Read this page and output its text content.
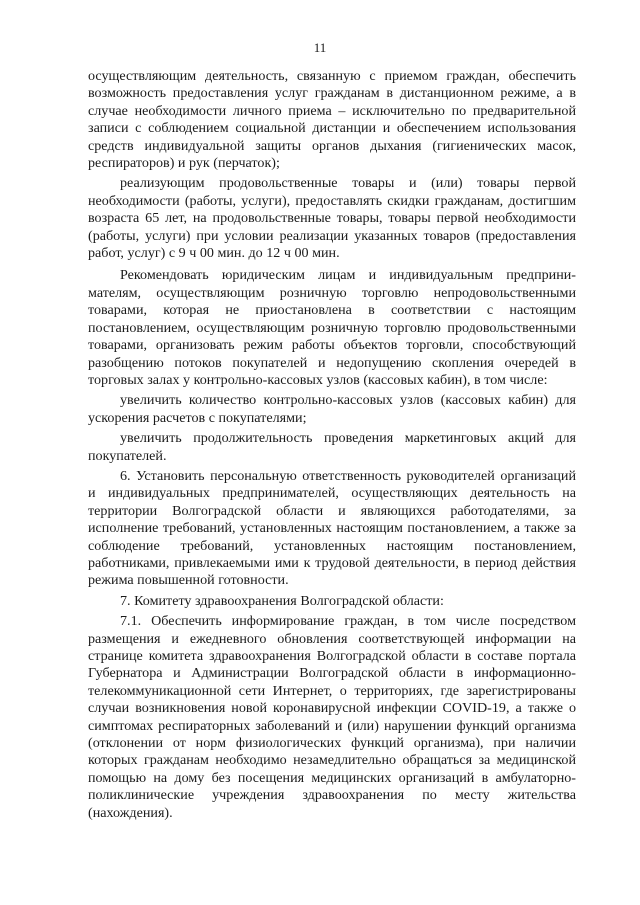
11

осуществляющим деятельность, связанную с приемом граждан, обеспечить возможность предоставления услуг гражданам в дистанционном режиме, а в случае необходимости личного приема – исключительно по предварительной записи с соблюдением социальной дистанции и обеспечением использования средств индивидуальной защиты органов дыхания (гигиенических масок, респираторов) и рук (перчаток);

реализующим продовольственные товары и (или) товары первой необходимости (работы, услуги), предоставлять скидки гражданам, достигшим возраста 65 лет, на продовольственные товары, товары первой необходимости (работы, услуги) при условии реализации указанных товаров (предоставления работ, услуг) с 9 ч 00 мин. до 12 ч 00 мин.

Рекомендовать юридическим лицам и индивидуальным предпринимателям, осуществляющим розничную торговлю непродовольственными товарами, которая не приостановлена в соответствии с настоящим постановлением, осуществляющим розничную торговлю продовольственными товарами, организовать режим работы объектов торговли, способствующий разобщению потоков покупателей и недопущению скопления очередей в торговых залах у контрольно-кассовых узлов (кассовых кабин), в том числе:

увеличить количество контрольно-кассовых узлов (кассовых кабин) для ускорения расчетов с покупателями;

увеличить продолжительность проведения маркетинговых акций для покупателей.

6. Установить персональную ответственность руководителей организаций и индивидуальных предпринимателей, осуществляющих деятельность на территории Волгоградской области и являющихся работодателями, за исполнение требований, установленных настоящим постановлением, а также за соблюдение требований, установленных настоящим постановлением, работниками, привлекаемыми ими к трудовой деятельности, в период действия режима повышенной готовности.

7. Комитету здравоохранения Волгоградской области:

7.1. Обеспечить информирование граждан, в том числе посредством размещения и ежедневного обновления соответствующей информации на странице комитета здравоохранения Волгоградской области в составе портала Губернатора и Администрации Волгоградской области в информационно-телекоммуникационной сети Интернет, о территориях, где зарегистрированы случаи возникновения новой коронавирусной инфекции COVID-19, а также о симптомах респираторных заболеваний и (или) нарушении функций организма (отклонении от норм физиологических функций организма), при наличии которых гражданам необходимо незамедлительно обращаться за медицинской помощью на дому без посещения медицинских организаций в амбулаторно-поликлинические учреждения здравоохранения по месту жительства (нахождения).
